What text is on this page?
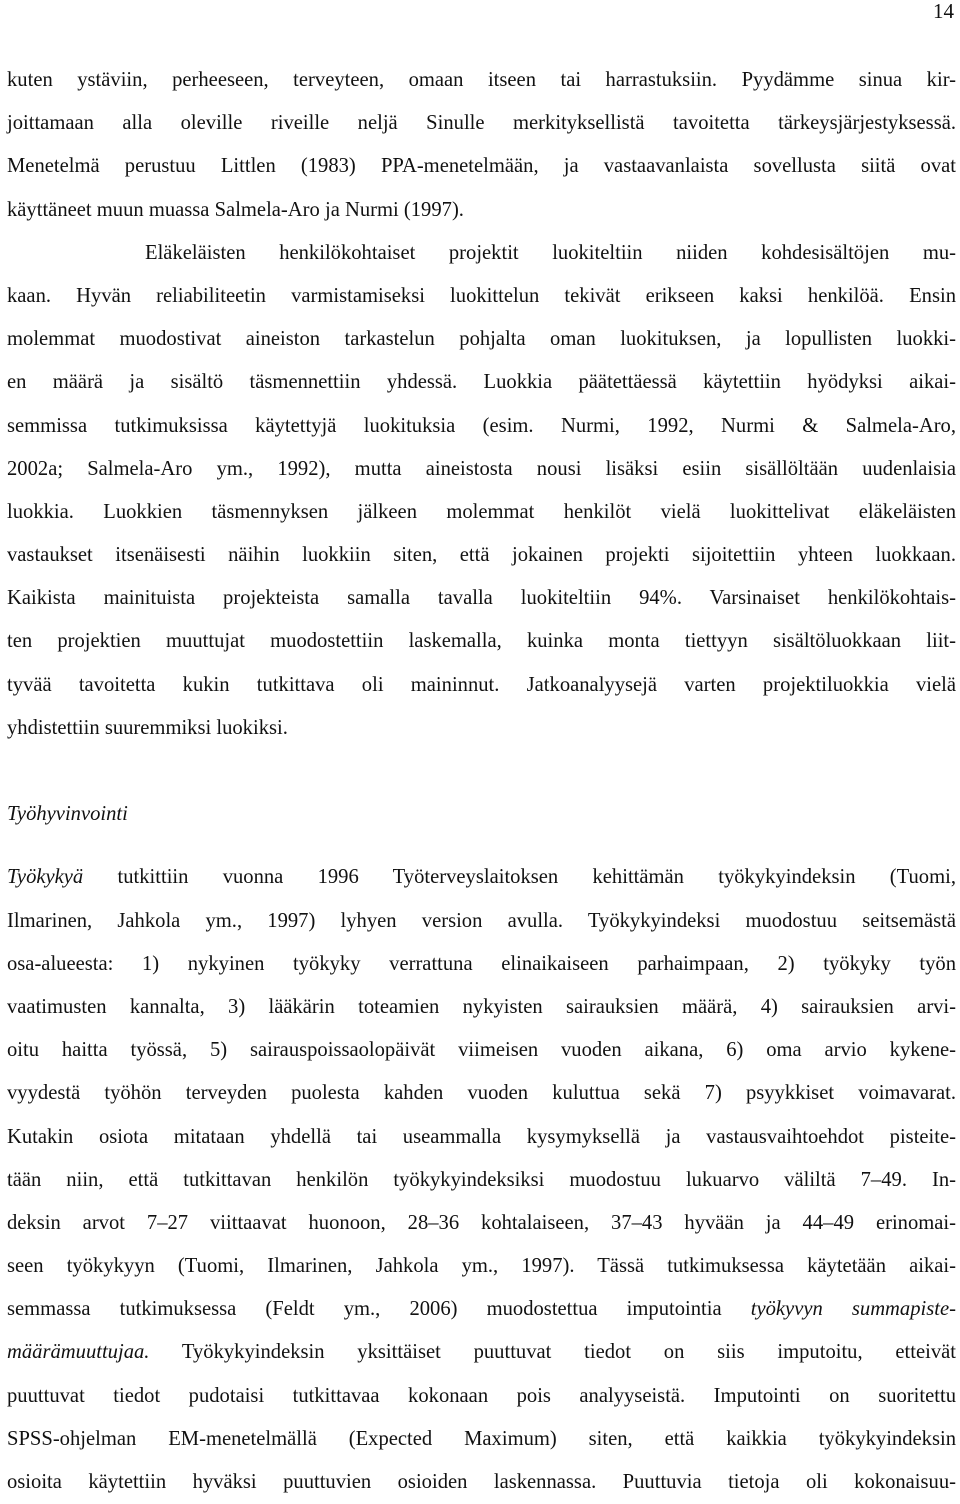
14
kuten ystäviin, perheeseen, terveyteen, omaan itseen tai harrastuksiin. Pyydämme sinua kir-
joittamaan alla oleville riveille neljä Sinulle merkityksellistä tavoitetta tärkeysjärjestyksessä.
Menetelmä perustuu Littlen (1983) PPA-menetelmään, ja vastaavanlaista sovellusta siitä ovat
käyttäneet muun muassa Salmela-Aro ja Nurmi (1997).
Eläkeläisten henkilökohtaiset projektit luokiteltiin niiden kohdesisältöjen mu-
kaan. Hyvän reliabiliteetin varmistamiseksi luokittelun tekivät erikseen kaksi henkilöä. Ensin
molemmat muodostivat aineiston tarkastelun pohjalta oman luokituksen, ja lopullisten luokki-
en määrä ja sisältö täsmennettiin yhdessä. Luokkia päätettäessä käytettiin hyödyksi aikai-
semmissa tutkimuksissa käytettyjä luokituksia (esim. Nurmi, 1992, Nurmi & Salmela-Aro,
2002a; Salmela-Aro ym., 1992), mutta aineistosta nousi lisäksi esiin sisällöltään uudenlaisia
luokkia. Luokkien täsmennyksen jälkeen molemmat henkilöt vielä luokittelivat eläkeläisten
vastaukset itsenäisesti näihin luokkiin siten, että jokainen projekti sijoitettiin yhteen luokkaan.
Kaikista mainituista projekteista samalla tavalla luokiteltiin 94%. Varsinaiset henkilökohtais-
ten projektien muuttujat muodostettiin laskemalla, kuinka monta tiettyyn sisältöluokkaan liit-
tyvää tavoitetta kukin tutkittava oli maininnut. Jatkoanalyysejä varten projektiluokkia vielä
yhdistettiin suuremmiksi luokiksi.
Työhyvinvointi
Työkykyä tutkittiin vuonna 1996 Työterveyslaitoksen kehittämän työkykyindeksin (Tuomi,
Ilmarinen, Jahkola ym., 1997) lyhyen version avulla. Työkykyindeksi muodostuu seitsemästä
osa-alueesta: 1) nykyinen työkyky verrattuna elinaikaiseen parhaimpaan, 2) työkyky työn
vaatimusten kannalta, 3) lääkärin toteamien nykyisten sairauksien määrä, 4) sairauksien arvi-
oitu haitta työssä, 5) sairauspoissaolopäivät viimeisen vuoden aikana, 6) oma arvio kykene-
vyydestä työhön terveyden puolesta kahden vuoden kuluttua sekä 7) psyykkiset voimavarat.
Kutakin osiota mitataan yhdellä tai useammalla kysymyksellä ja vastausvaihtoehdot pisteite-
tään niin, että tutkittavan henkilön työkykyindeksiksi muodostuu lukuarvo väliltä 7–49. In-
deksin arvot 7–27 viittaavat huonoon, 28–36 kohtalaiseen, 37–43 hyvään ja 44–49 erinomai-
seen työkykyyn (Tuomi, Ilmarinen, Jahkola ym., 1997). Tässä tutkimuksessa käytetään aikai-
semmassa tutkimuksessa (Feldt ym., 2006) muodostettua imputointia työkyvyn summapiste-
määrämuuttujaa. Työkykyindeksin yksittäiset puuttuvat tiedot on siis imputoitu, etteivät
puuttuvat tiedot pudotaisi tutkittavaa kokonaan pois analyyseistä. Imputointi on suoritettu
SPSS-ohjelman EM-menetelmällä (Expected Maximum) siten, että kaikkia työkykyindeksin
osioita käytettiin hyväksi puuttuvien osioiden laskennassa. Puuttuvia tietoja oli kokonaisuu-
